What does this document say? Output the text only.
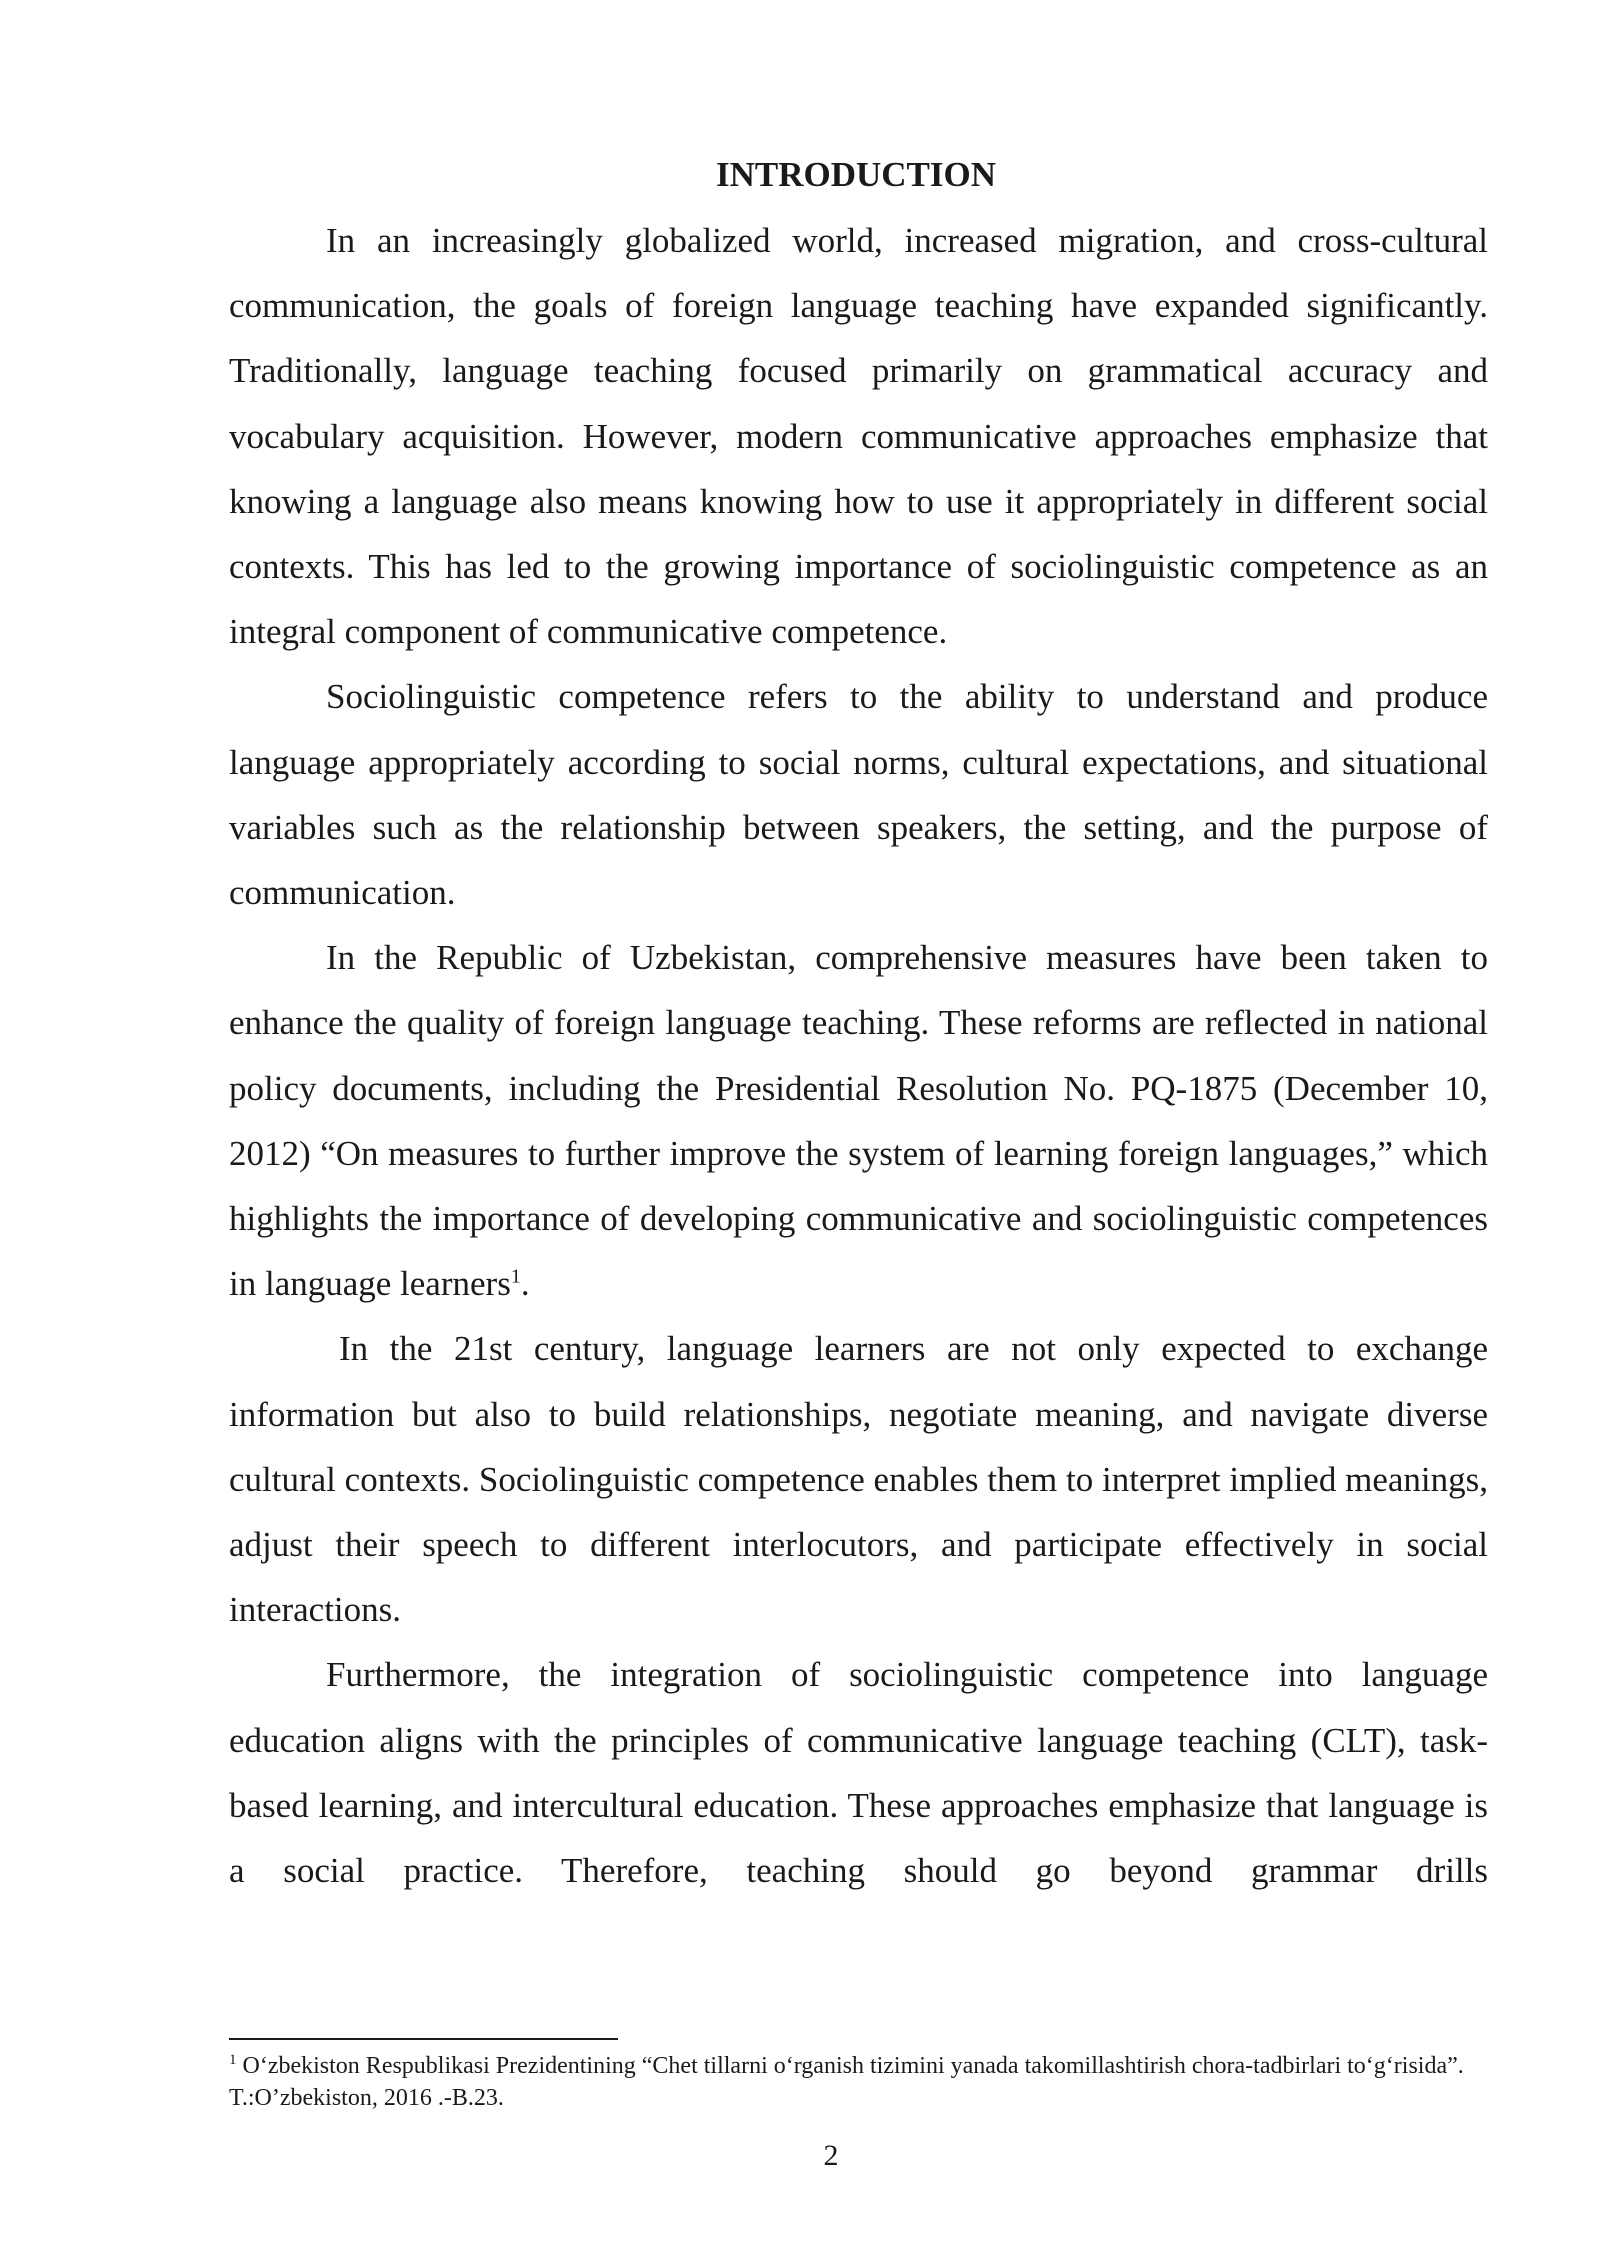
INTRODUCTION

In an increasingly globalized world, increased migration, and cross-cultural communication, the goals of foreign language teaching have expanded significantly. Traditionally, language teaching focused primarily on grammatical accuracy and vocabulary acquisition. However, modern communicative approaches emphasize that knowing a language also means knowing how to use it appropriately in different social contexts. This has led to the growing importance of sociolinguistic competence as an integral component of communicative competence.

Sociolinguistic competence refers to the ability to understand and produce language appropriately according to social norms, cultural expectations, and situational variables such as the relationship between speakers, the setting, and the purpose of communication.

In the Republic of Uzbekistan, comprehensive measures have been taken to enhance the quality of foreign language teaching. These reforms are reflected in national policy documents, including the Presidential Resolution No. PQ-1875 (December 10, 2012) “On measures to further improve the system of learning foreign languages,” which highlights the importance of developing communicative and sociolinguistic competences in language learners$^1$.

In the 21st century, language learners are not only expected to exchange information but also to build relationships, negotiate meaning, and navigate diverse cultural contexts. Sociolinguistic competence enables them to interpret implied meanings, adjust their speech to different interlocutors, and participate effectively in social interactions.

Furthermore, the integration of sociolinguistic competence into language education aligns with the principles of communicative language teaching (CLT), task-based learning, and intercultural education. These approaches emphasize that language is a social practice. Therefore, teaching should go beyond grammar drills

$^1$ O‘zbekiston Respublikasi Prezidentining “Chet tillarni o‘rganish tizimini yanada takomillashtirish chora-tadbirlari to‘g‘risida”. T.:O’zbekiston, 2016 .-B.23.
2
